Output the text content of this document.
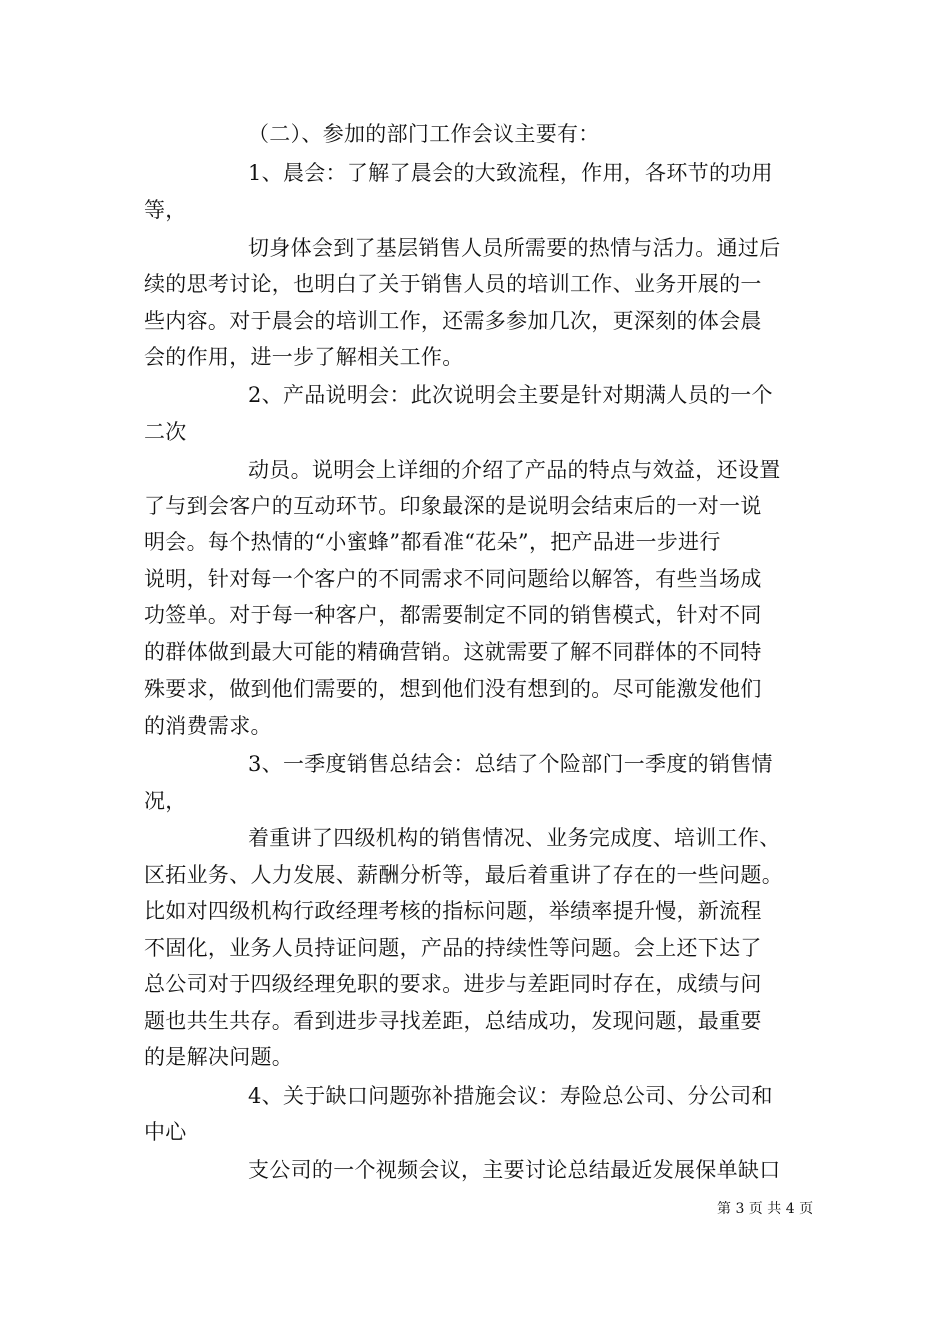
（二）、参加的部门工作会议主要有：
1、晨会：了解了晨会的大致流程，作用，各环节的功用
等，
切身体会到了基层销售人员所需要的热情与活力。通过后
续的思考讨论，也明白了关于销售人员的培训工作、业务开展的一
些内容。对于晨会的培训工作，还需多参加几次，更深刻的体会晨
会的作用，进一步了解相关工作。
2、产品说明会：此次说明会主要是针对期满人员的一个
二次
动员。说明会上详细的介绍了产品的特点与效益，还设置
了与到会客户的互动环节。印象最深的是说明会结束后的一对一说
明会。每个热情的“小蜜蜂”都看准“花朵”，把产品进一步进行
说明，针对每一个客户的不同需求不同问题给以解答，有些当场成
功签单。对于每一种客户，都需要制定不同的销售模式，针对不同
的群体做到最大可能的精确营销。这就需要了解不同群体的不同特
殊要求，做到他们需要的，想到他们没有想到的。尽可能激发他们
的消费需求。
3、一季度销售总结会：总结了个险部门一季度的销售情
况，
着重讲了四级机构的销售情况、业务完成度、培训工作、
区拓业务、人力发展、薪酬分析等，最后着重讲了存在的一些问题。
比如对四级机构行政经理考核的指标问题，举绩率提升慢，新流程
不固化，业务人员持证问题，产品的持续性等问题。会上还下达了
总公司对于四级经理免职的要求。进步与差距同时存在，成绩与问
题也共生共存。看到进步寻找差距，总结成功，发现问题，最重要
的是解决问题。
4、关于缺口问题弥补措施会议：寿险总公司、分公司和
中心
支公司的一个视频会议，主要讨论总结最近发展保单缺口
第 3 页 共 4 页
